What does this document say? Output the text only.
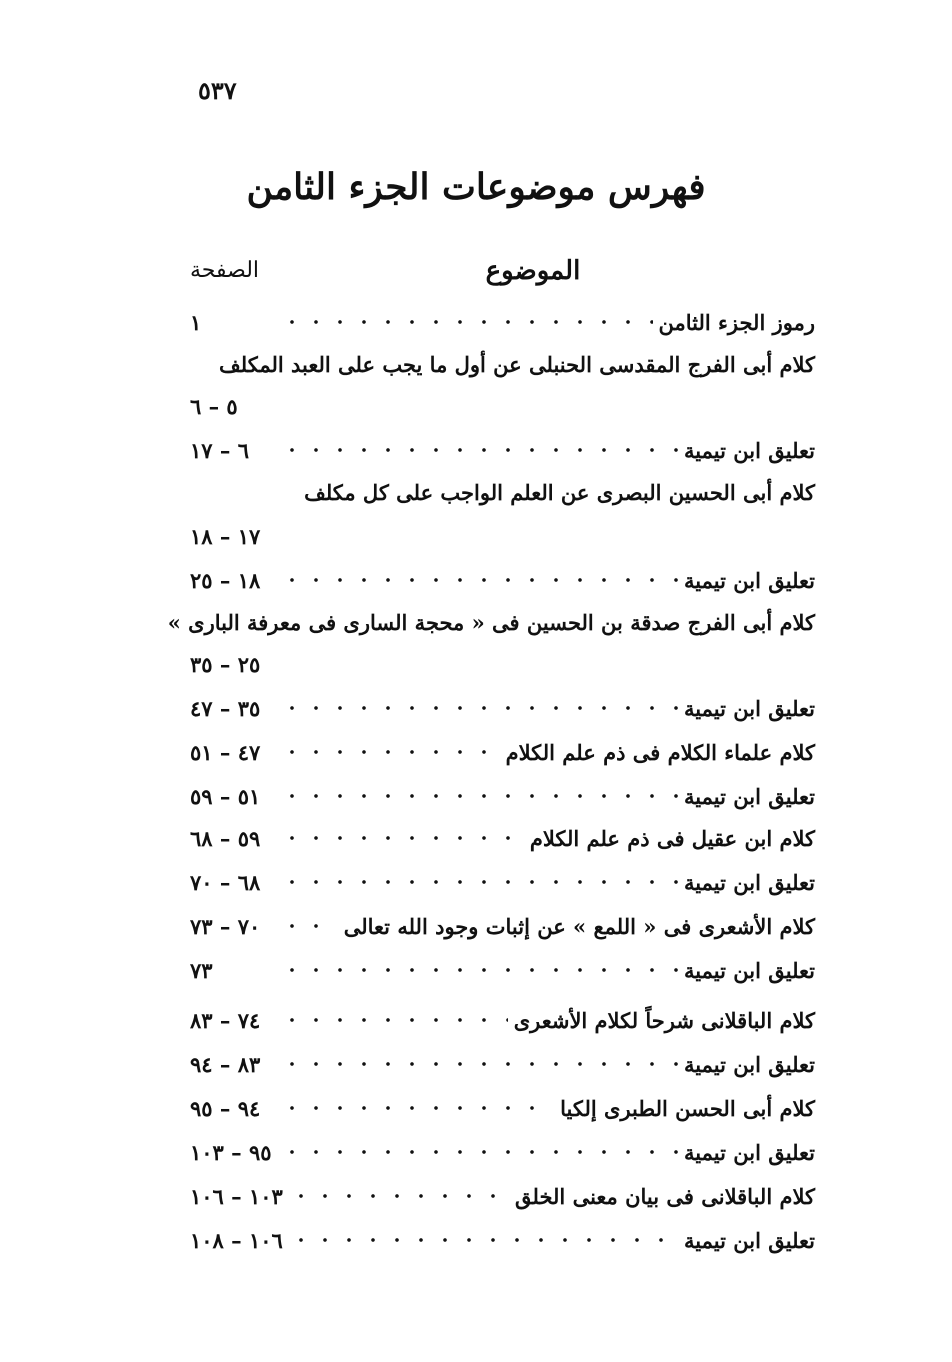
٥٣٧
فهرس موضوعات الجزء الثامن
الموضوع
الصفحة
رموز الجزء الثامن
١
كلام أبى الفرج المقدسى الحنبلى عن أول ما يجب على العبد المكلف
٥ – ٦
تعليق ابن تيمية
٦ – ١٧
كلام أبى الحسين البصرى عن العلم الواجب على كل مكلف
١٧ – ١٨
تعليق ابن تيمية
١٨ – ٢٥
كلام أبى الفرج صدقة بن الحسين فى « محجة السارى فى معرفة البارى »
٢٥ – ٣٥
تعليق ابن تيمية
٣٥ – ٤٧
كلام علماء الكلام فى ذم علم الكلام
٤٧ – ٥١
تعليق ابن تيمية
٥١ – ٥٩
كلام ابن عقيل فى ذم علم الكلام
٥٩ – ٦٨
تعليق ابن تيمية
٦٨ – ٧٠
كلام الأشعرى فى « اللمع » عن إثبات وجود الله تعالى
٧٠ – ٧٣
تعليق ابن تيمية
٧٣
كلام الباقلانى شرحاً لكلام الأشعرى
٧٤ – ٨٣
تعليق ابن تيمية
٨٣ – ٩٤
كلام أبى الحسن الطبرى إلكيا
٩٤ – ٩٥
تعليق ابن تيمية
٩٥ – ١٠٣
كلام الباقلانى فى بيان معنى الخلق
١٠٣ – ١٠٦
تعليق ابن تيمية
١٠٦ – ١٠٨
